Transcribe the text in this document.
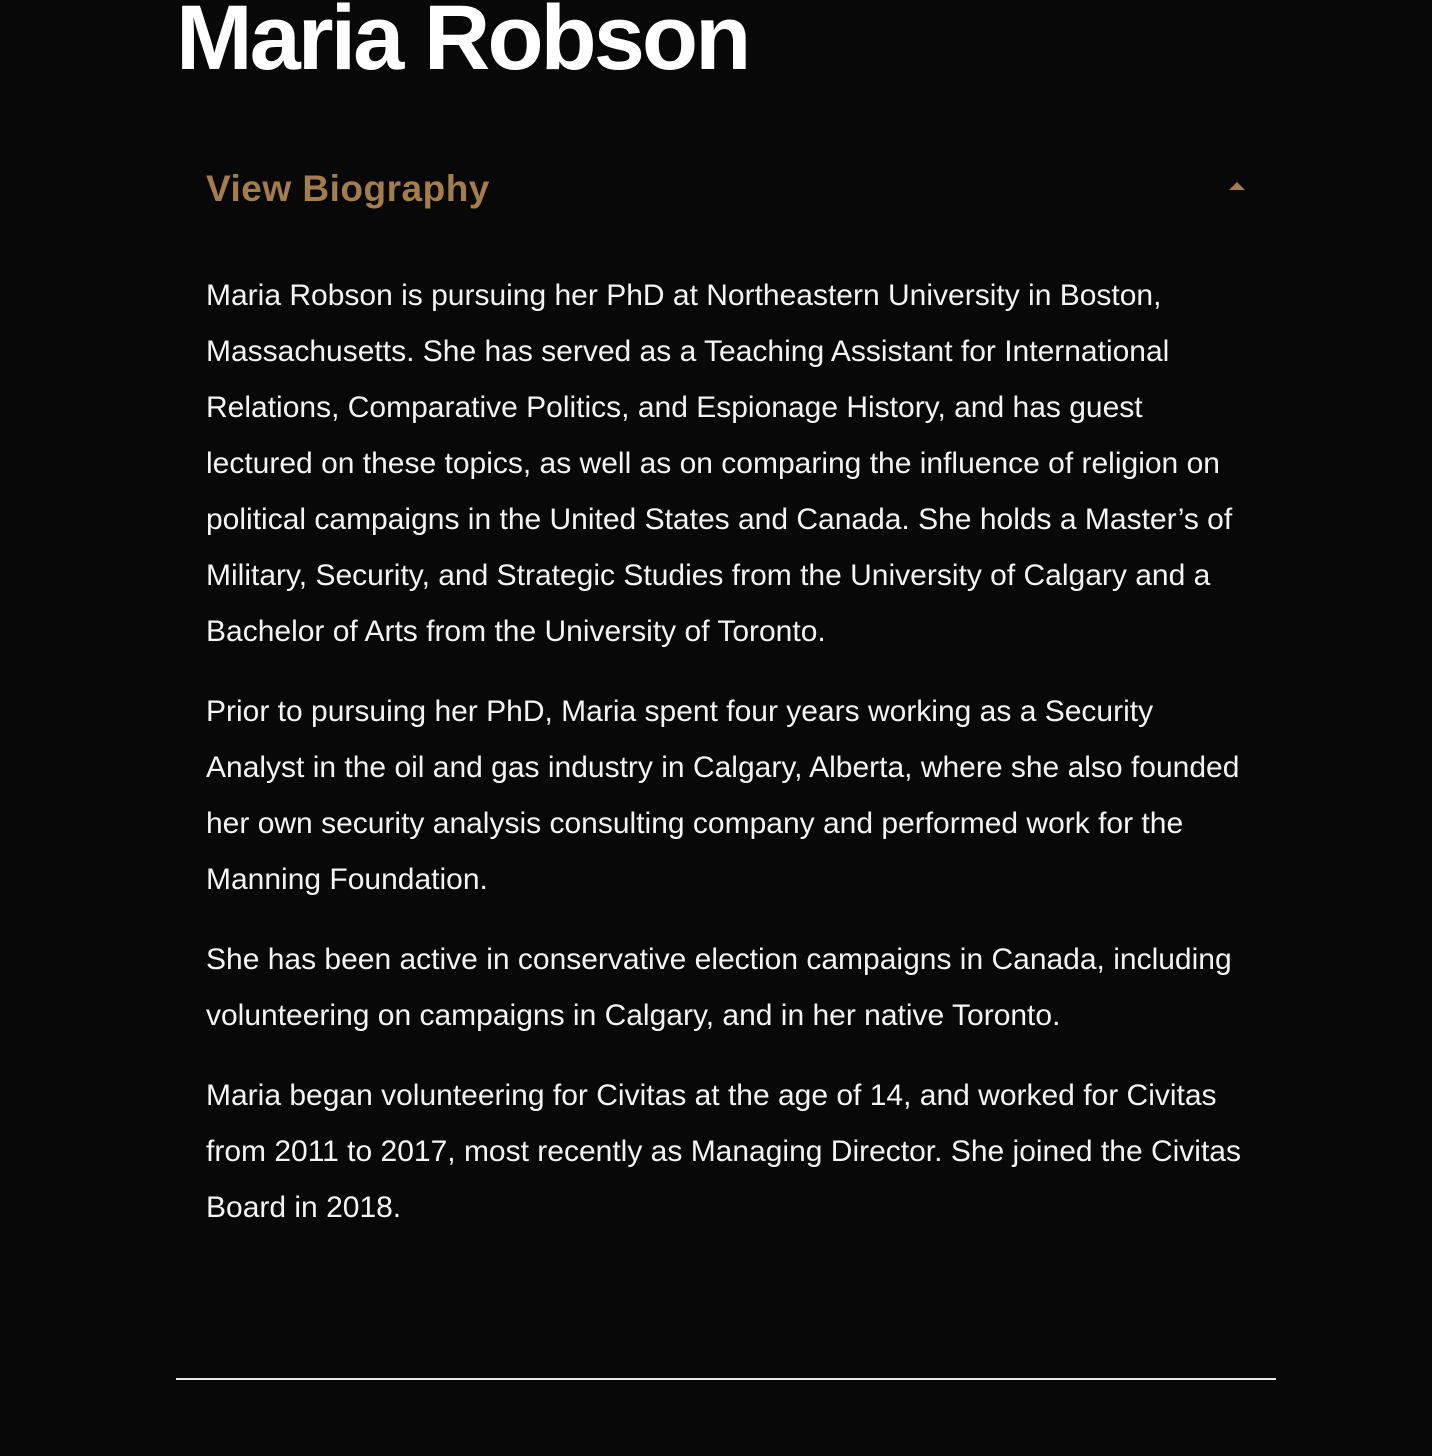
Maria Robson
View Biography

Maria Robson is pursuing her PhD at Northeastern University in Boston, Massachusetts. She has served as a Teaching Assistant for International Relations, Comparative Politics, and Espionage History, and has guest lectured on these topics, as well as on comparing the influence of religion on political campaigns in the United States and Canada. She holds a Master’s of Military, Security, and Strategic Studies from the University of Calgary and a Bachelor of Arts from the University of Toronto.

Prior to pursuing her PhD, Maria spent four years working as a Security Analyst in the oil and gas industry in Calgary, Alberta, where she also founded her own security analysis consulting company and performed work for the Manning Foundation.

She has been active in conservative election campaigns in Canada, including volunteering on campaigns in Calgary, and in her native Toronto.

Maria began volunteering for Civitas at the age of 14, and worked for Civitas from 2011 to 2017, most recently as Managing Director. She joined the Civitas Board in 2018.
